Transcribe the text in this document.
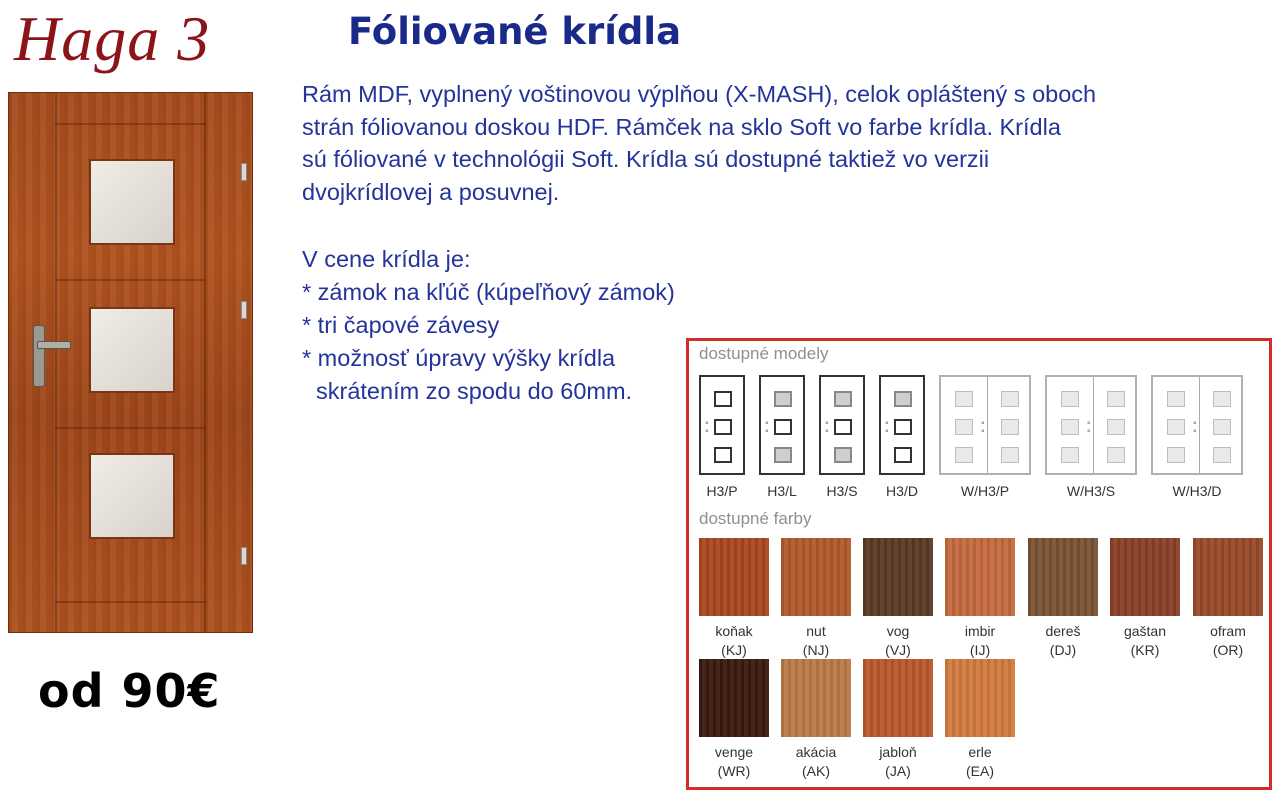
Haga 3	Fóliované krídla

Rám MDF, vyplnený voštinovou výplňou (X-MASH), celok opláštený s oboch

strán fóliovanou doskou HDF. Rámček na sklo Soft vo farbe krídla. Krídla

sú fóliované v technológii Soft. Krídla sú dostupné taktiež vo verzii

dvojkrídlovej a posuvnej.

V cene krídla je:
* zámok na kľúč (kúpeľňový zámok)
* tri čapové závesy
* možnosť úpravy výšky krídla
skrátením zo spodu do 60mm.
od 90€
dostupné modely
°
°
H3/P
°
°
H3/L
°
°
H3/S
°
°
H3/D
°
°
W/H3/P
°
°
W/H3/S
°
°
W/H3/D
dostupné farby
koňak
(KJ)
nut
(NJ)
vog
(VJ)
imbir
(IJ)
dereš
(DJ)
gaštan
(KR)
ofram
(OR)
venge
(WR)
akácia
(AK)
jabloň
(JA)
erle
(EA)
